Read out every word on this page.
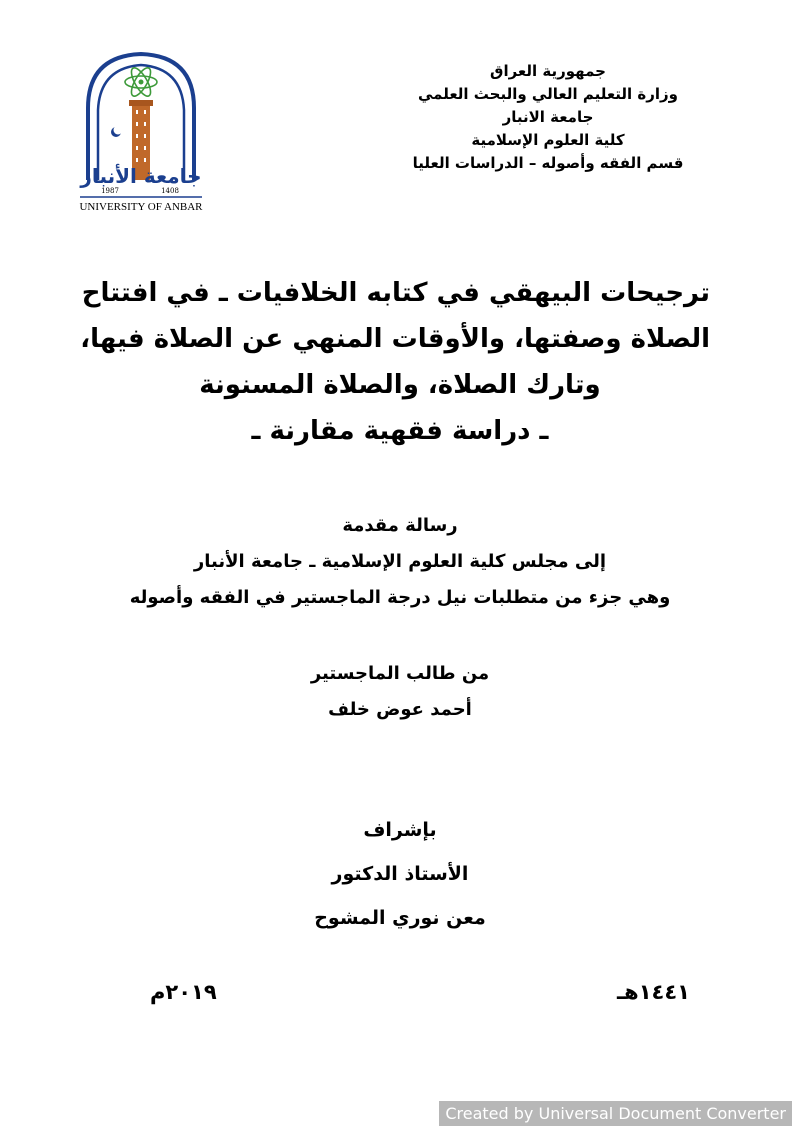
جمهورية العراق
وزارة التعليم العالي والبحث العلمي
جامعة الانبار
كلية العلوم الإسلامية
قسم الفقه وأصوله – الدراسات العليا
جامعة الأنبار
1987	1408
UNIVERSITY OF ANBAR
ترجيحات البيهقي في كتابه الخلافيات ـ في افتتاح
الصلاة وصفتها، والأوقات المنهي عن الصلاة فيها،
وتارك الصلاة، والصلاة المسنونة
ـ دراسة فقهية مقارنة ـ
رسالة مقدمة
إلى مجلس كلية العلوم الإسلامية ـ جامعة الأنبار
وهي جزء من متطلبات نيل درجة الماجستير في الفقه وأصوله
من طالب الماجستير
أحمد عوض خلف
بإشراف
الأستاذ الدكتور
معن نوري المشوح
١٤٤١هـ
٢٠١٩م
Created by Universal Document Converter
